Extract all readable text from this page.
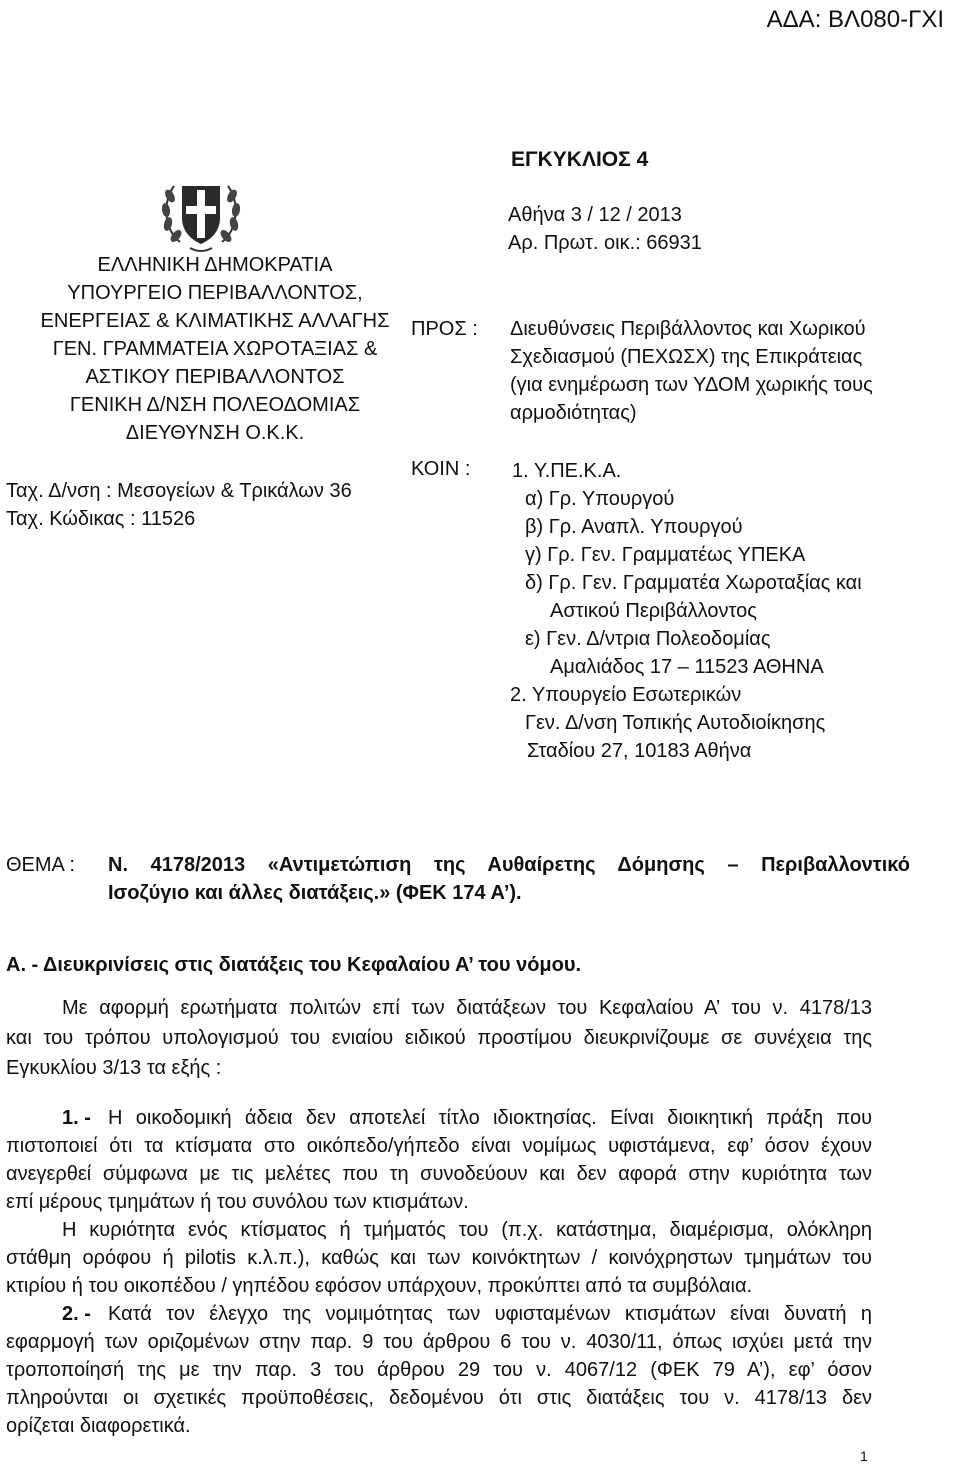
ΑΔΑ: ΒΛ080-ΓΧΙ
ΕΓΚΥΚΛΙΟΣ 4
ΕΛΛΗΝΙΚΗ ΔΗΜΟΚΡΑΤΙΑ
ΥΠΟΥΡΓΕΙΟ ΠΕΡΙΒΑΛΛΟΝΤΟΣ,
ΕΝΕΡΓΕΙΑΣ & ΚΛΙΜΑΤΙΚΗΣ ΑΛΛΑΓΗΣ
ΓΕΝ. ΓΡΑΜΜΑΤΕΙΑ ΧΩΡΟΤΑΞΙΑΣ &
ΑΣΤΙΚΟΥ ΠΕΡΙΒΑΛΛΟΝΤΟΣ
ΓΕΝΙΚΗ Δ/ΝΣΗ ΠΟΛΕΟΔΟΜΙΑΣ
ΔΙΕΥΘΥΝΣΗ Ο.Κ.Κ.
Ταχ. Δ/νση : Μεσογείων & Τρικάλων 36
Ταχ. Κώδικας : 11526
Αθήνα 3 / 12 / 2013
Αρ. Πρωτ. οικ.: 66931
ΠΡΟΣ : Διευθύνσεις Περιβάλλοντος και Χωρικού
Σχεδιασμού (ΠΕΧΩΣΧ) της Επικράτειας
(για ενημέρωση των ΥΔΟΜ χωρικής τους
αρμοδιότητας)
ΚΟΙΝ : 1. Υ.ΠΕ.Κ.Α.
α) Γρ. Υπουργού
β) Γρ. Αναπλ. Υπουργού
γ) Γρ. Γεν. Γραμματέως ΥΠΕΚΑ
δ) Γρ. Γεν. Γραμματέα Χωροταξίας και
Αστικού Περιβάλλοντος
ε) Γεν. Δ/ντρια Πολεοδομίας
Αμαλιάδος 17 – 11523 ΑΘΗΝΑ
2. Υπουργείο Εσωτερικών
Γεν. Δ/νση Τοπικής Αυτοδιοίκησης
Σταδίου 27, 10183 Αθήνα
ΘΕΜΑ : Ν. 4178/2013 «Αντιμετώπιση της Αυθαίρετης Δόμησης – Περιβαλλοντικό
Ισοζύγιο και άλλες διατάξεις.» (ΦΕΚ 174 Α’).
Α. - Διευκρινίσεις στις διατάξεις του Κεφαλαίου Α’ του νόμου.
Με αφορμή ερωτήματα πολιτών επί των διατάξεων του Κεφαλαίου Α’ του ν. 4178/13
και του τρόπου υπολογισμού του ενιαίου ειδικού προστίμου διευκρινίζουμε σε συνέχεια της
Εγκυκλίου 3/13 τα εξής :
1. - Η οικοδομική άδεια δεν αποτελεί τίτλο ιδιοκτησίας. Είναι διοικητική πράξη που
πιστοποιεί ότι τα κτίσματα στο οικόπεδο/γήπεδο είναι νομίμως υφιστάμενα, εφ’ όσον έχουν
ανεγερθεί σύμφωνα με τις μελέτες που τη συνοδεύουν και δεν αφορά στην κυριότητα των
επί μέρους τμημάτων ή του συνόλου των κτισμάτων.
Η κυριότητα ενός κτίσματος ή τμήματός του (π.χ. κατάστημα, διαμέρισμα, ολόκληρη
στάθμη ορόφου ή pilotis κ.λ.π.), καθώς και των κοινόκτητων / κοινόχρηστων τμημάτων του
κτιρίου ή του οικοπέδου / γηπέδου εφόσον υπάρχουν, προκύπτει από τα συμβόλαια.
2. - Κατά τον έλεγχο της νομιμότητας των υφισταμένων κτισμάτων είναι δυνατή η
εφαρμογή των οριζομένων στην παρ. 9 του άρθρου 6 του ν. 4030/11, όπως ισχύει μετά την
τροποποίησή της με την παρ. 3 του άρθρου 29 του ν. 4067/12 (ΦΕΚ 79 Α’), εφ’ όσον
πληρούνται οι σχετικές προϋποθέσεις, δεδομένου ότι στις διατάξεις του ν. 4178/13 δεν
ορίζεται διαφορετικά.
1
